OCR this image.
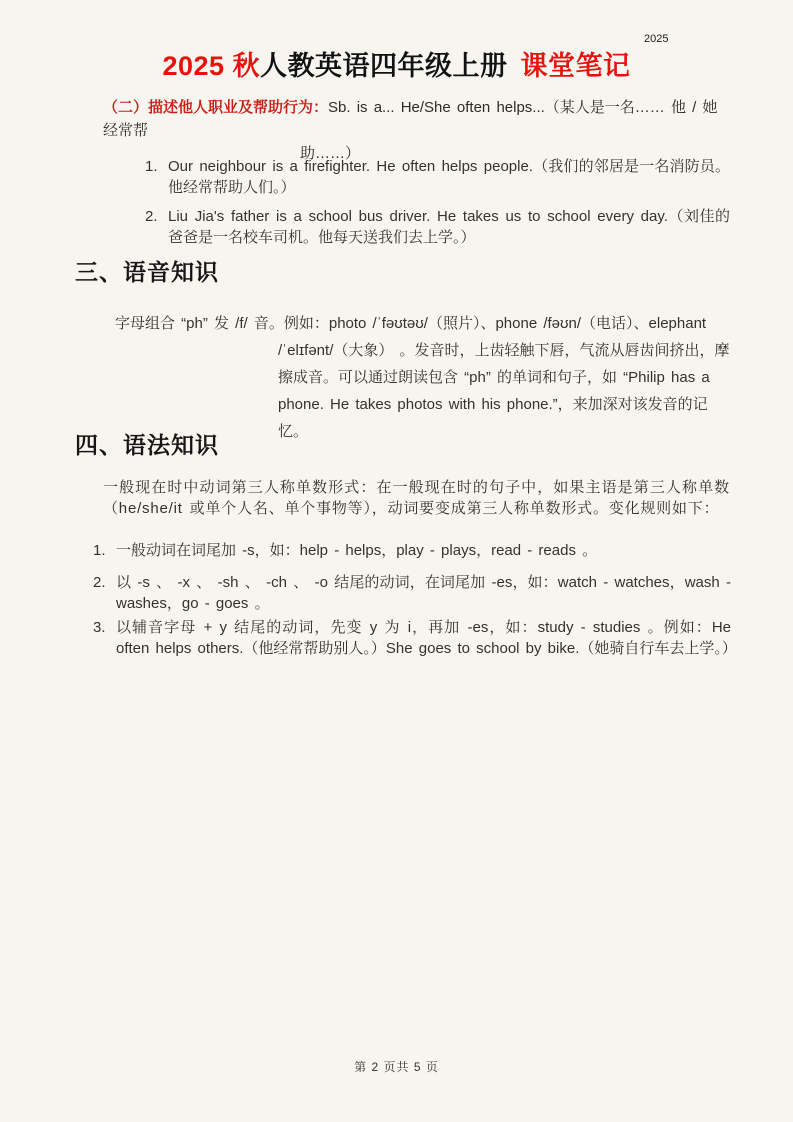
2025
2025 秋人教英语四年级上册 课堂笔记
（二）描述他人职业及帮助行为：Sb. is a... He/She often helps...（某人是一名…… 他 / 她经常帮
助……）
1. Our neighbour is a firefighter. He often helps people.（我们的邻居是一名消防员。他经常帮助人们。）
2. Liu Jia's father is a school bus driver. He takes us to school every day.（刘佳的爸爸是一名校车司机。他每天送我们去上学。）
三、语音知识
字母组合 “ph” 发 /f/ 音。例如：photo /ˈfəʊtəʊ/（照片）、phone /fəʊn/（电话）、elephant
/ˈelɪfənt/（大象） 。发音时，上齿轻触下唇，气流从唇齿间挤出，摩
擦成音。可以通过朗读包含 “ph” 的单词和句子，如 “Philip has a
phone. He takes photos with his phone.”，来加深对该发音的记忆。
四、语法知识
一般现在时中动词第三人称单数形式：在一般现在时的句子中，如果主语是第三人称单数（he/she/it 或单个人名、单个事物等），动词要变成第三人称单数形式。变化规则如下：
1. 一般动词在词尾加 -s，如：help - helps，play - plays，read - reads 。
2. 以 -s 、 -x 、 -sh 、 -ch 、 -o 结尾的动词，在词尾加 -es，如：watch - watches，wash - washes，go - goes 。
3. 以辅音字母 + y 结尾的动词，先变 y 为 i，再加 -es，如：study - studies 。例如：He often helps others.（他经常帮助别人。）She goes to school by bike.（她骑自行车去上学。）
第 2 页共 5 页
